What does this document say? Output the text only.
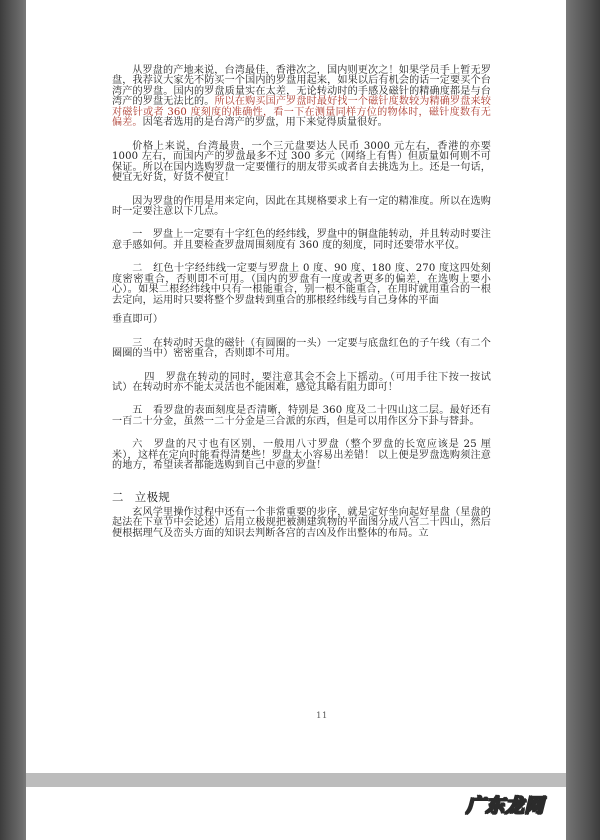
从罗盘的产地来说，台湾最佳，香港次之，国内则更次之！如果学员手上暂无罗盘，我荐议大家先不防买一个国内的罗盘用起来，如果以后有机会的话一定要买个台湾产的罗盘。国内的罗盘质量实在太差，无论转动时的手感及磁针的精确度都是与台湾产的罗盘无法比的。所以在购买国产罗盘时最好找一个磁针度数较为精确罗盘来较对磁针或者 360 度刻度的准确性，看一下在测量同样方位的物体时，磁针度数有无偏差。因笔者选用的是台湾产的罗盘，用下来觉得质量很好。

价格上来说，台湾最贵，一个三元盘要达人民币 3000 元左右，香港的亦要 1000 左右，而国内产的罗盘最多不过 300 多元（网络上有售）但质量如何则不可保证。所以在国内选购罗盘一定要懂行的朋友带买或者自去挑选为上。还是一句话，便宜无好货，好货不便宜！

因为罗盘的作用是用来定向，因此在其规格要求上有一定的精准度。所以在选购时一定要注意以下几点。

一　罗盘上一定要有十字红色的经纬线，罗盘中的铜盘能转动，并且转动时要注意手感如何。并且要检查罗盘周围刻度有 360 度的刻度，同时还要带水平仪。

二　红色十字经纬线一定要与罗盘上 0 度、90 度、180 度、270 度这四处刻度密密重合，否则即不可用。（国内的罗盘有一度或者更多的偏差，在选购上要小心）。如果二根经纬线中只有一根能重合，别一根不能重合，在用时就用重合的一根去定向，运用时只要将整个罗盘转到重合的那根经纬线与自己身体的平面

垂直即可）

三　在转动时天盘的磁针（有圆圈的一头）一定要与底盘红色的子午线（有二个圈圈的当中）密密重合，否则即不可用。

四　罗盘在转动的同时，要注意其会不会上下摇动。（可用手往下按一按试试）在转动时亦不能太灵活也不能困难，感觉其略有阻力即可！

五　看罗盘的表面刻度是否清晰，特别是 360 度及二十四山这二层。最好还有一百二十分金，虽然一二十分金是三合派的东西，但是可以用作区分下卦与替卦。

六　罗盘的尺寸也有区别，一般用八寸罗盘（整个罗盘的长宽应该是 25 厘米），这样在定向时能看得清楚些！罗盘太小容易出差错！ 以上便是罗盘选购须注意的地方，希望读者都能选购到自己中意的罗盘！

二 立极规

玄风学里操作过程中还有一个非常重要的步序，就是定好坐向起好星盘（星盘的起法在下章节中会论述）后用立极规把被测建筑物的平面图分成八宫二十四山，然后便根据理气及峦头方面的知识去判断各宫的吉凶及作出整体的布局。立

11
广东龙网
